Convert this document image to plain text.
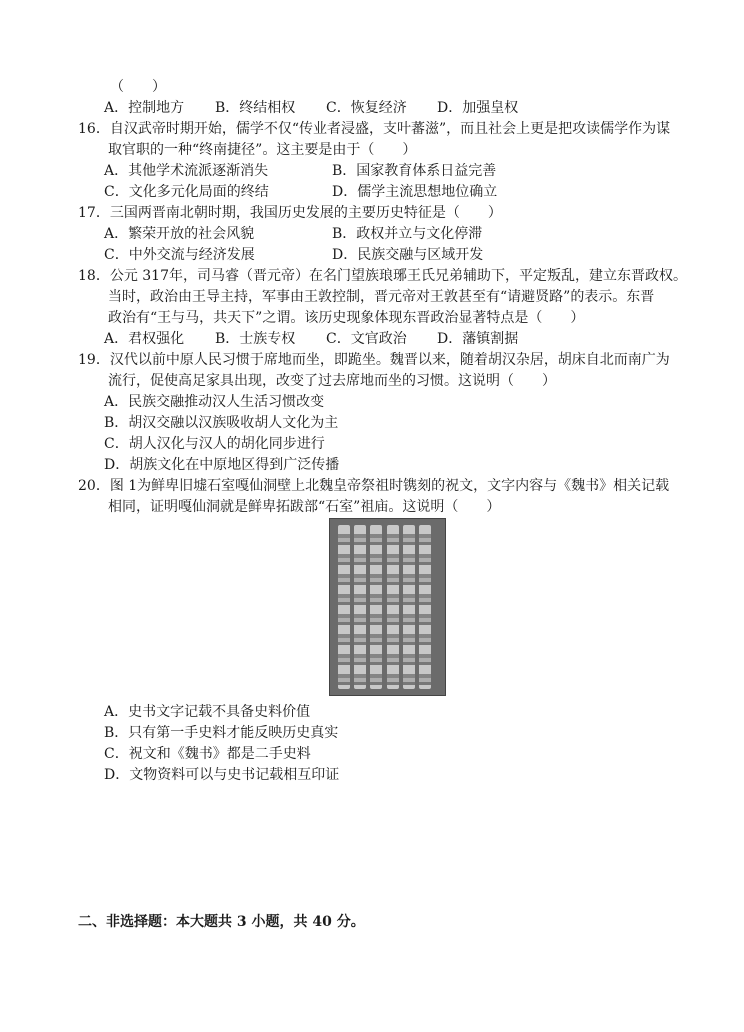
（　　）
A．控制地方	B．终结相权	C．恢复经济	D．加强皇权
16．自汉武帝时期开始，儒学不仅“传业者浸盛，支叶蕃滋”，而且社会上更是把攻读儒学作为谋
取官职的一种“终南捷径”。这主要是由于（　　）
A．其他学术流派逐渐消失	B．国家教育体系日益完善
C．文化多元化局面的终结	D．儒学主流思想地位确立
17．三国两晋南北朝时期，我国历史发展的主要历史特征是（　　）
A．繁荣开放的社会风貌	B．政权并立与文化停滞
C．中外交流与经济发展	D．民族交融与区域开发
18．公元 317年，司马睿（晋元帝）在名门望族琅琊王氏兄弟辅助下，平定叛乱，建立东晋政权。
当时，政治由王导主持，军事由王敦控制，晋元帝对王敦甚至有“请避贤路”的表示。东晋
政治有“王与马，共天下”之谓。该历史现象体现东晋政治显著特点是（　　）
A．君权强化	B．士族专权	C．文官政治	D．藩镇割据
19．汉代以前中原人民习惯于席地而坐，即跪坐。魏晋以来，随着胡汉杂居，胡床自北而南广为
流行，促使高足家具出现，改变了过去席地而坐的习惯。这说明（　　）
A．民族交融推动汉人生活习惯改变
B．胡汉交融以汉族吸收胡人文化为主
C．胡人汉化与汉人的胡化同步进行
D．胡族文化在中原地区得到广泛传播
20．图 1为鲜卑旧墟石室嘎仙洞壁上北魏皇帝祭祖时镌刻的祝文，文字内容与《魏书》相关记载
相同，证明嘎仙洞就是鲜卑拓跋部“石室”祖庙。这说明（　　）
A．史书文字记载不具备史料价值
B．只有第一手史料才能反映历史真实
C．祝文和《魏书》都是二手史料
D．文物资料可以与史书记载相互印证
二、非选择题：本大题共 3 小题，共 40 分。
